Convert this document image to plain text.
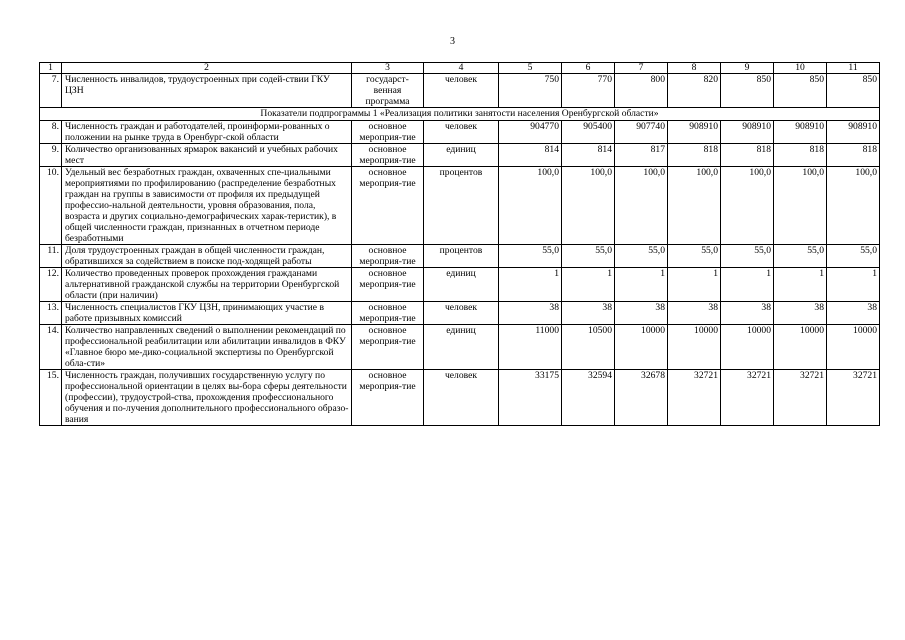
3
1	2	3	4	5	6	7	8	9	10	11
7.	Численность инвалидов, трудоустроенных при содей-ствии ГКУ ЦЗН	государст-венная программа	человек	750	770	800	820	850	850	850
Показатели подпрограммы 1 «Реализация политики занятости населения Оренбургской области»										
8.	Численность граждан и работодателей, проинформи-рованных о положении на рынке труда в Оренбург-ской области	основное мероприя-тие	человек	904770	905400	907740	908910	908910	908910	908910
9.	Количество организованных ярмарок вакансий и учебных рабочих мест	основное мероприя-тие	единиц	814	814	817	818	818	818	818
10.	Удельный вес безработных граждан, охваченных спе-циальными мероприятиями по профилированию (распределение безработных граждан на группы в зависимости от профиля их предыдущей профессио-нальной деятельности, уровня образования, пола, возраста и других социально-демографических харак-теристик), в общей численности граждан, признанных в отчетном периоде безработными	основное мероприя-тие	процентов	100,0	100,0	100,0	100,0	100,0	100,0	100,0
11.	Доля трудоустроенных граждан в общей численности граждан, обратившихся за содействием в поиске под-ходящей работы	основное мероприя-тие	процентов	55,0	55,0	55,0	55,0	55,0	55,0	55,0
12.	Количество проведенных проверок прохождения гражданами альтернативной гражданской службы на территории Оренбургской области (при наличии)	основное мероприя-тие	единиц	1	1	1	1	1	1	1
13.	Численность специалистов ГКУ ЦЗН, принимающих участие в работе призывных комиссий	основное мероприя-тие	человек	38	38	38	38	38	38	38
14.	Количество направленных сведений о выполнении рекомендаций по профессиональной реабилитации или абилитации инвалидов в ФКУ «Главное бюро ме-дико-социальной экспертизы по Оренбургской обла-сти»	основное мероприя-тие	единиц	11000	10500	10000	10000	10000	10000	10000
15.	Численность граждан, получивших государственную услугу по профессиональной ориентации в целях вы-бора сферы деятельности (профессии), трудоустрой-ства, прохождения профессионального обучения и по-лучения дополнительного профессионального образо-вания	основное мероприя-тие	человек	33175	32594	32678	32721	32721	32721	32721
